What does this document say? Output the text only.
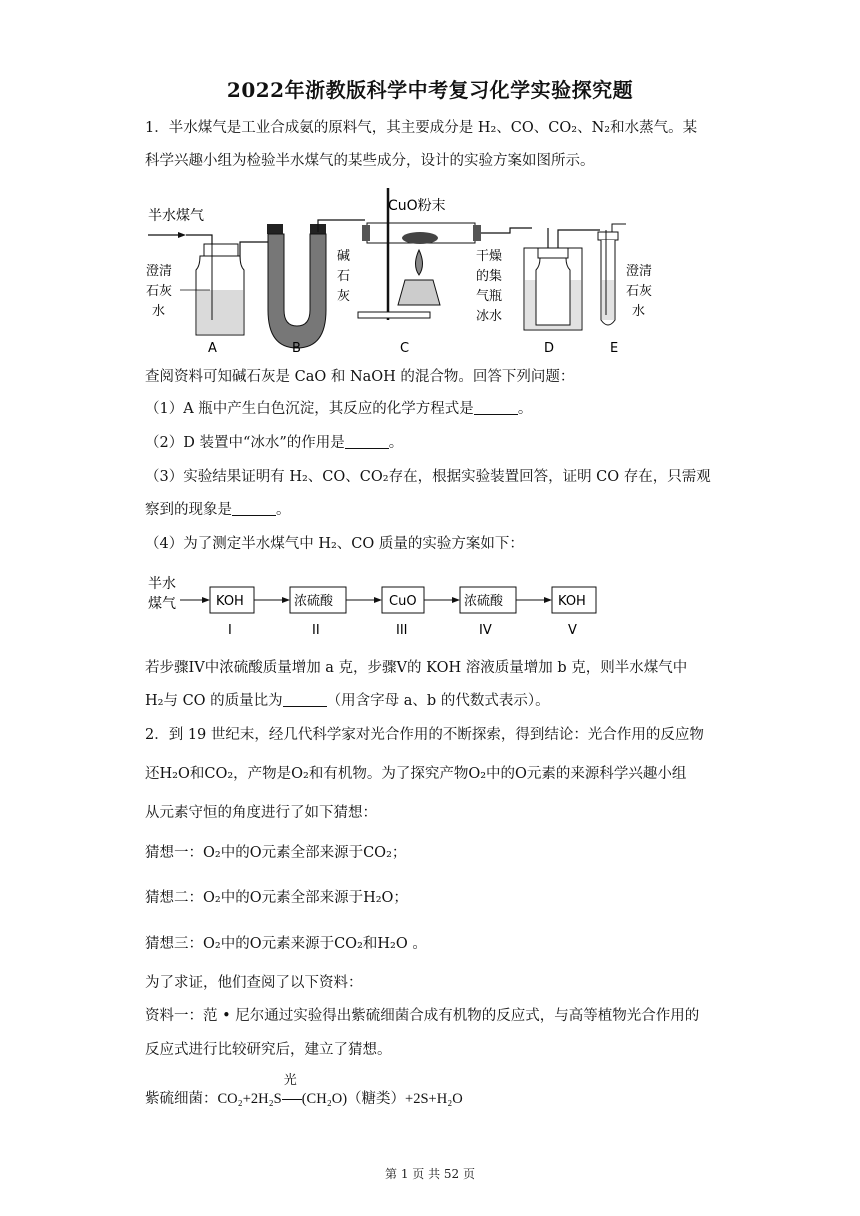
2022年浙教版科学中考复习化学实验探究题
1．半水煤气是工业合成氨的原料气，其主要成分是 H₂、CO、CO₂、N₂和水蒸气。某
科学兴趣小组为检验半水煤气的某些成分，设计的实验方案如图所示。
半水煤气
澄清
石灰
水
碱
石
灰
CuO粉末
干燥
的集
气瓶
冰水
澄清
石灰
水
A	B	C	D	E
查阅资料可知碱石灰是 CaO 和 NaOH 的混合物。回答下列问题：
（1）A 瓶中产生白色沉淀，其反应的化学方程式是	。
（2）D 装置中“冰水”的作用是	。
（3）实验结果证明有 H₂、CO、CO₂存在，根据实验装置回答，证明 CO 存在，只需观
察到的现象是	。
（4）为了测定半水煤气中 H₂、CO 质量的实验方案如下：
半水
煤气	KOH	浓硫酸	CuO	浓硫酸	KOH
I	II	III	IV	V
若步骤IV中浓硫酸质量增加 a 克，步骤V的 KOH 溶液质量增加 b 克，则半水煤气中
H₂与 CO 的质量比为	（用含字母 a、b 的代数式表示）。
2．到 19 世纪末，经几代科学家对光合作用的不断探索，得到结论：光合作用的反应物
还H₂O和CO₂，产物是O₂和有机物。为了探究产物O₂中的O元素的来源科学兴趣小组
从元素守恒的角度进行了如下猜想：
猜想一：O₂中的O元素全部来源于CO₂；
猜想二：O₂中的O元素全部来源于H₂O；
猜想三：O₂中的O元素来源于CO₂和H₂O 。
为了求证，他们查阅了以下资料：
资料一：范 • 尼尔通过实验得出紫硫细菌合成有机物的反应式，与高等植物光合作用的
反应式进行比较研究后，建立了猜想。
紫硫细菌：CO₂+2H₂S
光
(CH₂O)（糖类）+2S+H₂O
第 1 页 共 52 页
